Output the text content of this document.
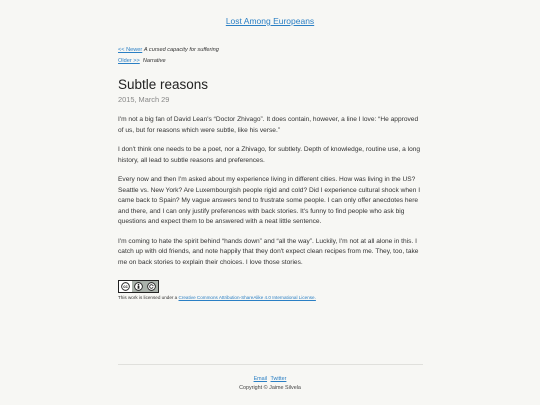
Lost Among Europeans
<< Newer A cursed capacity for suffering
Older >> Narrative
Subtle reasons
2015, March 29

I'm not a big fan of David Lean's “Doctor Zhivago”. It does contain, however, a line I love: “He approved of us, but for reasons which were subtle, like his verse.”

I don't think one needs to be a poet, nor a Zhivago, for subtlety. Depth of knowledge, routine use, a long history, all lead to subtle reasons and preferences.

Every now and then I'm asked about my experience living in different cities. How was living in the US? Seattle vs. New York? Are Luxembourgish people rigid and cold? Did I experience cultural shock when I came back to Spain? My vague answers tend to frustrate some people. I can only offer anecdotes here and there, and I can only justify preferences with back stories. It's funny to find people who ask big questions and expect them to be answered with a neat little sentence.

I'm coming to hate the spirit behind “hands down” and “all the way”. Luckily, I'm not at all alone in this. I catch up with old friends, and note happily that they don't expect clean recipes from me. They, too, take me on back stories to explain their choices. I love those stories.

cc
This work is licensed under a Creative Commons Attribution-ShareAlike 4.0 International License.
Email Twitter
Copyright © Jaime Silvela
